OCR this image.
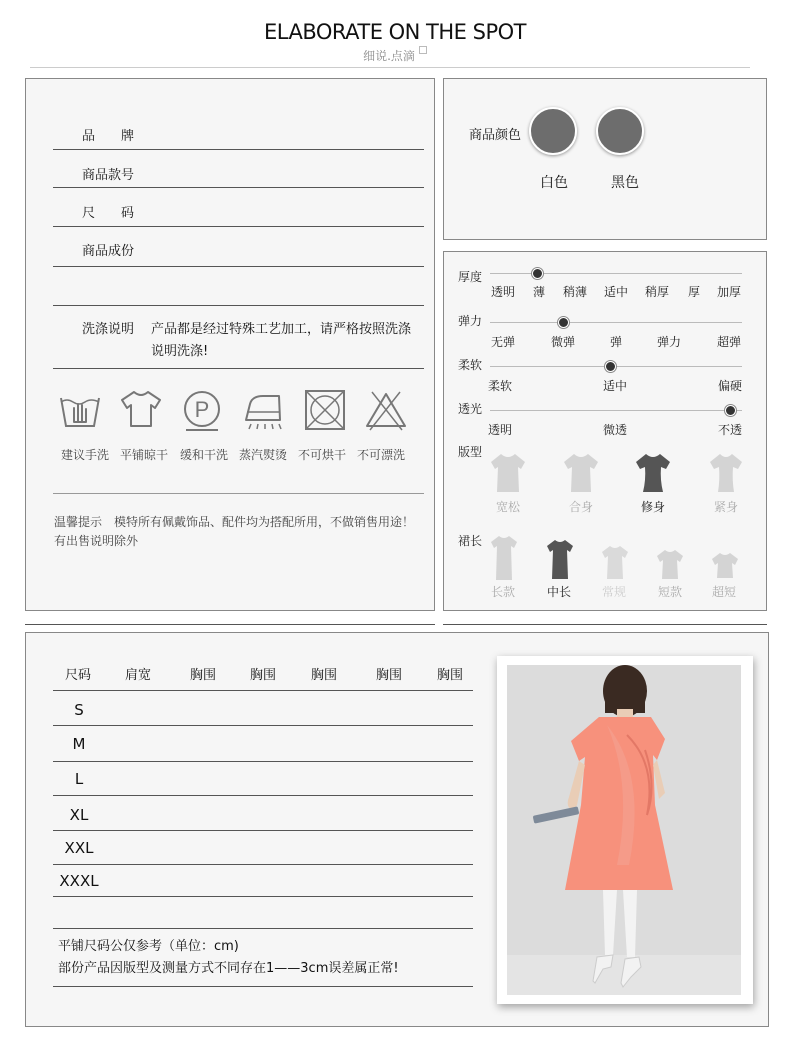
ELABORATE ON THE SPOT
细说.点滴
品　　牌
商品款号
尺　　码
商品成份
洗涤说明 产品都是经过特殊工艺加工，请严格按照洗涤
说明洗涤!
P
建议手洗 平铺晾干 缓和干洗 蒸汽熨烫 不可烘干 不可漂洗
温馨提示　模特所有佩戴饰品、配件均为搭配所用，不做销售用途！
有出售说明除外
商品颜色
白色	黑色
厚度
透明 薄 稍薄 适中 稍厚 厚 加厚
弹力
无弹	微弹	弹	弹力	超弹
柔软
柔软	适中	偏硬
透光
透明	微透	不透
版型
宽松	合身	修身	紧身
裙长
长款	中长	常规	短款 超短
尺码	肩宽	胸围	胸围	胸围	胸围	胸围
S
M
L
XL
XXL
XXXL
平铺尺码公仅参考（单位：cm)
部份产品因版型及测量方式不同存在1——3cm误差属正常!
